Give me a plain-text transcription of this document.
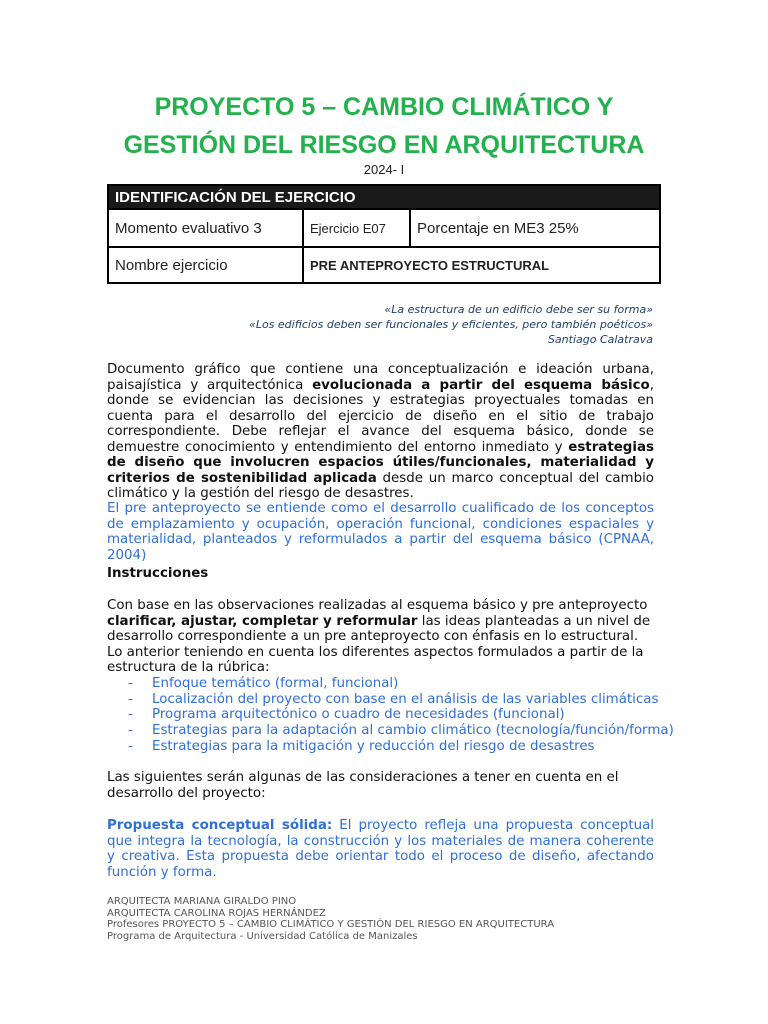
PROYECTO 5 – CAMBIO CLIMÁTICO Y
GESTIÓN DEL RIESGO EN ARQUITECTURA
2024- I
IDENTIFICACIÓN DEL EJERCICIO		
Momento evaluativo 3	Ejercicio E07	Porcentaje en ME3 25%
Nombre ejercicio	PRE ANTEPROYECTO ESTRUCTURAL	
«La estructura de un edificio debe ser su forma»
«Los edificios deben ser funcionales y eficientes, pero también poéticos»
Santiago Calatrava
Documento gráfico que contiene una conceptualización e ideación urbana, paisajística y arquitectónica evolucionada a partir del esquema básico, donde se evidencian las decisiones y estrategias proyectuales tomadas en cuenta para el desarrollo del ejercicio de diseño en el sitio de trabajo correspondiente. Debe reflejar el avance del esquema básico, donde se demuestre conocimiento y entendimiento del entorno inmediato y estrategias de diseño que involucren espacios útiles/funcionales, materialidad y criterios de sostenibilidad aplicada desde un marco conceptual del cambio climático y la gestión del riesgo de desastres.
El pre anteproyecto se entiende como el desarrollo cualificado de los conceptos de emplazamiento y ocupación, operación funcional, condiciones espaciales y materialidad, planteados y reformulados a partir del esquema básico (CPNAA, 2004)
Instrucciones
Con base en las observaciones realizadas al esquema básico y pre anteproyecto clarificar, ajustar, completar y reformular las ideas planteadas a un nivel de desarrollo correspondiente a un pre anteproyecto con énfasis en lo estructural. Lo anterior teniendo en cuenta los diferentes aspectos formulados a partir de la estructura de la rúbrica:
- Enfoque temático (formal, funcional)
- Localización del proyecto con base en el análisis de las variables climáticas
- Programa arquitectónico o cuadro de necesidades (funcional)
- Estrategias para la adaptación al cambio climático (tecnología/función/forma)
- Estrategias para la mitigación y reducción del riesgo de desastres
Las siguientes serán algunas de las consideraciones a tener en cuenta en el desarrollo del proyecto:
Propuesta conceptual sólida: El proyecto refleja una propuesta conceptual que integra la tecnología, la construcción y los materiales de manera coherente y creativa. Esta propuesta debe orientar todo el proceso de diseño, afectando función y forma.
ARQUITECTA MARIANA GIRALDO PINO
ARQUITECTA CAROLINA ROJAS HERNÁNDEZ
Profesores PROYECTO 5 – CAMBIO CLIMÁTICO Y GESTIÓN DEL RIESGO EN ARQUITECTURA
Programa de Arquitectura - Universidad Católica de Manizales
